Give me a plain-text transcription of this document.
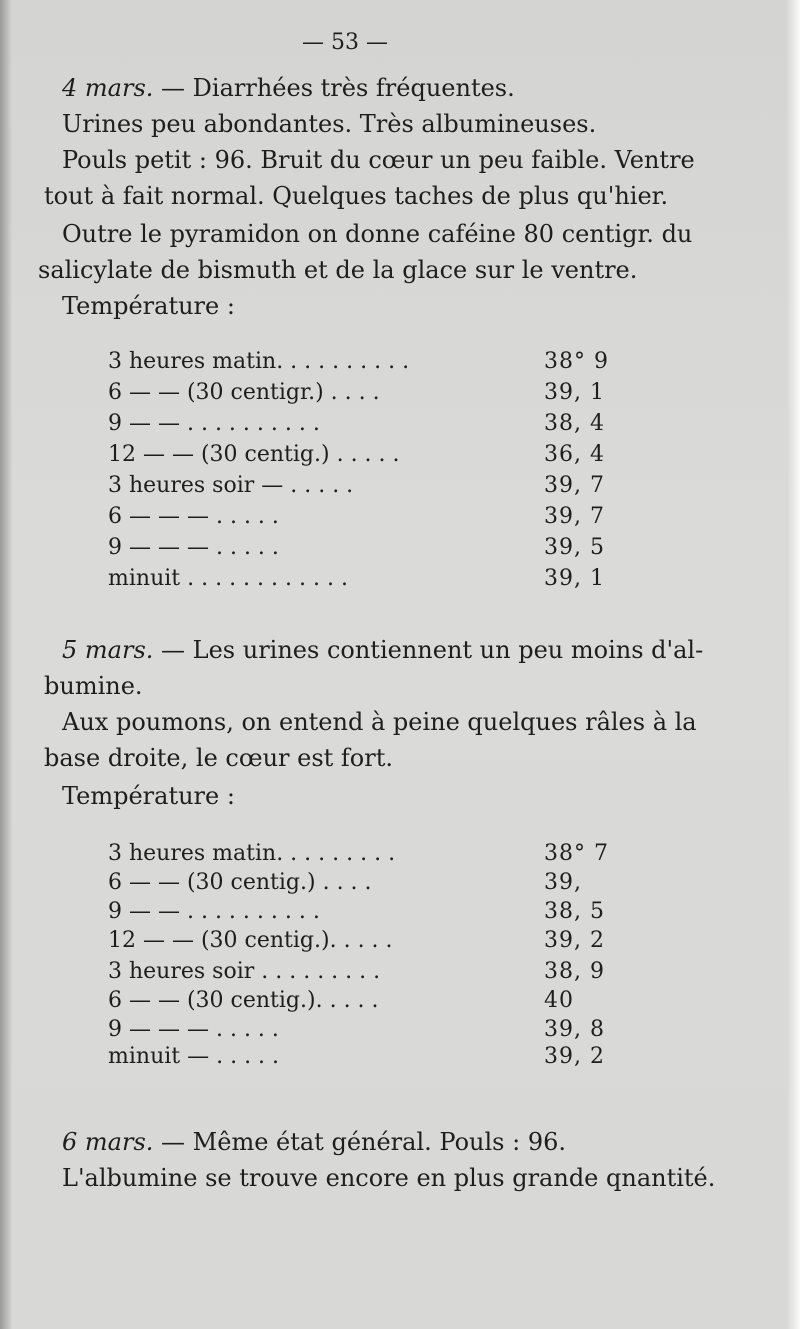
— 53 —

4 mars. — Diarrhées très fréquentes.

Urines peu abondantes. Très albumineuses.

Pouls petit : 96. Bruit du cœur un peu faible. Ventre

tout à fait normal. Quelques taches de plus qu'hier.

Outre le pyramidon on donne caféine 80 centigr. du

salicylate de bismuth et de la glace sur le ventre.

Température :

3 heures matin. . . . . . . . . .	38° 9
6 — — (30 centigr.) . . . .	39, 1
9 — — . . . . . . . . . .	38, 4
12 — — (30 centig.) . . . . .	36, 4
3 heures soir — . . . . .	39, 7
6 — — — . . . . .	39, 7
9 — — — . . . . .	39, 5
minuit . . . . . . . . . . . .	39, 1

5 mars. — Les urines contiennent un peu moins d'al-

bumine.

Aux poumons, on entend à peine quelques râles à la

base droite, le cœur est fort.

Température :

3 heures matin. . . . . . . . .	38° 7
6 — — (30 centig.) . . . .	39,
9 — — . . . . . . . . . .	38, 5
12 — — (30 centig.). . . . .	39, 2
3 heures soir . . . . . . . . .	38, 9
6 — — (30 centig.). . . . .	40
9 — — — . . . . .	39, 8
minuit — . . . . .	39, 2

6 mars. — Même état général. Pouls : 96.

L'albumine se trouve encore en plus grande qnantité.
